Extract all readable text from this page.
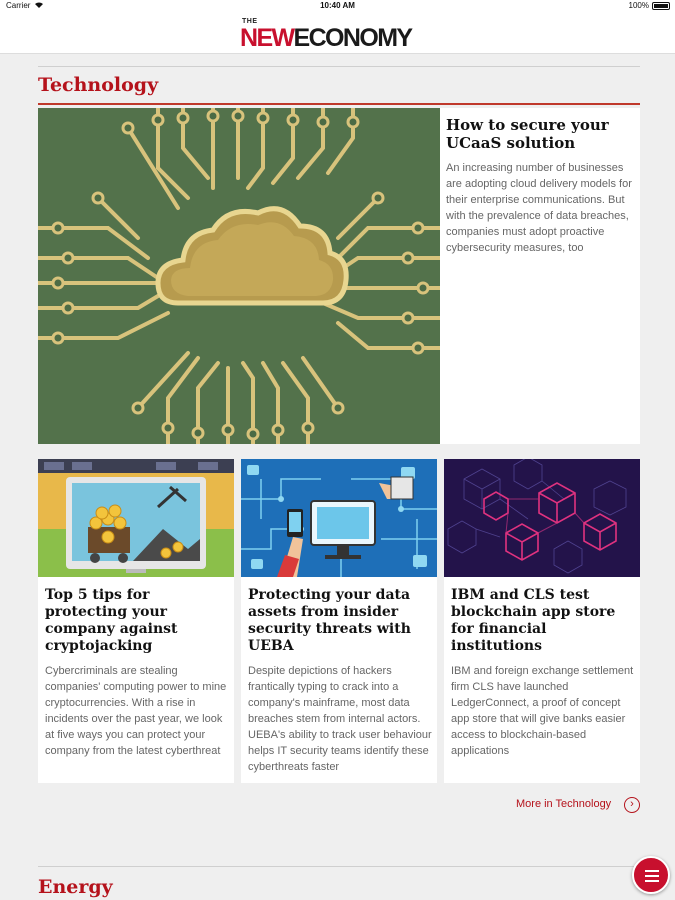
Carrier	10:40 AM	100%
THE
NEWECONOMY
Technology
How to secure your UCaaS solution
An increasing number of businesses are adopting cloud delivery models for their enterprise communications. But with the prevalence of data breaches, companies must adopt proactive cybersecurity measures, too
Top 5 tips for protecting your company against cryptojacking
Cybercriminals are stealing companies' computing power to mine cryptocurrencies. With a rise in incidents over the past year, we look at five ways you can protect your company from the latest cyberthreat
Protecting your data assets from insider security threats with UEBA
Despite depictions of hackers frantically typing to crack into a company's mainframe, most data breaches stem from internal actors. UEBA's ability to track user behaviour helps IT security teams identify these cyberthreats faster
IBM and CLS test blockchain app store for financial institutions
IBM and foreign exchange settlement firm CLS have launched LedgerConnect, a proof of concept app store that will give banks easier access to blockchain-based applications
More in Technology	›
Energy
